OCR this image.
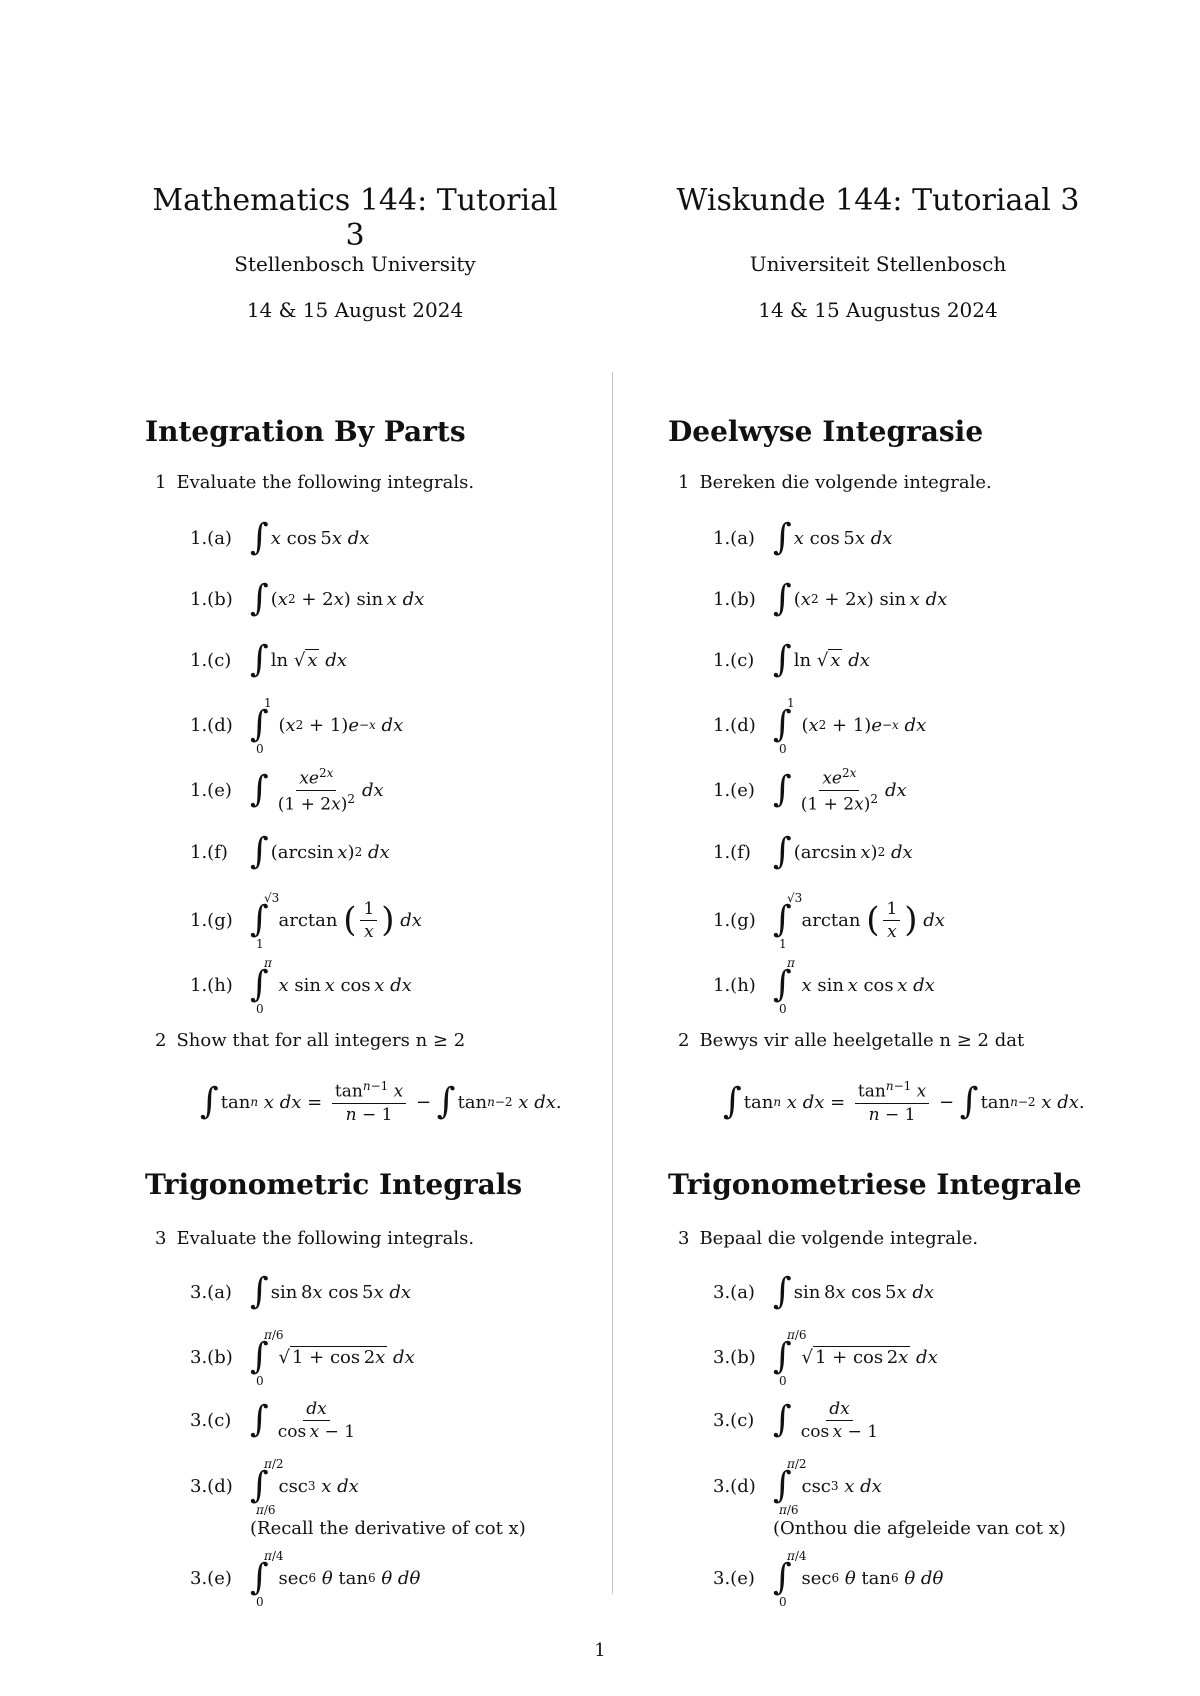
Mathematics 144: Tutorial 3
Stellenbosch University
14 & 15 August 2024
Integration By Parts
1 Evaluate the following integrals.
1.(a) ∫ x cos 5 x
dx
1.(b) ∫ ( x 2 + 2 x ) sin  x
dx
1.(c) ∫ ln √ x
dx
1.(d) ∫
1
0
( x 2 + 1) e −x
dx
1.(e) ∫ $\frac{xe^{2x}}{(1 + 2x)^2}$ dx
1.(f) ∫ (arcsin  x ) 2
dx
1.(g) ∫
√3
1
arctan ( $\frac{1}{x}$ )
dx
1.(h) ∫
π
0

x sin  x cos  x
dx
2 Show that for all integers n ≥ 2
∫ tan n
x
dx = $\frac{\tan^{n-1} x}{n - 1}$ − ∫ tan n−2
x
dx .
Trigonometric Integrals
3 Evaluate the following integrals.
3.(a) ∫ sin 8 x cos 5 x
dx
3.(b) ∫
π/6
0
√ 1 + cos 2x
dx
3.(c) ∫ $\frac{dx}{\text{cos x − 1}}$
3.(d) ∫
π/2
π/6
csc 3
x
dx
(Recall the derivative of cot x)
3.(e) ∫
π/4
0
sec 6
θ tan 6
θ
dθ
Wiskunde 144: Tutoriaal 3
Universiteit Stellenbosch
14 & 15 Augustus 2024
Deelwyse Integrasie
1 Bereken die volgende integrale.
1.(a) ∫ x cos 5 x
dx
1.(b) ∫ ( x 2 + 2 x ) sin  x
dx
1.(c) ∫ ln √ x
dx
1.(d) ∫
1
0
( x 2 + 1) e −x
dx
1.(e) ∫ $\frac{xe^{2x}}{(1 + 2x)^2}$ dx
1.(f) ∫ (arcsin  x ) 2
dx
1.(g) ∫
√3
1
arctan ( $\frac{1}{x}$ )
dx
1.(h) ∫
π
0

x sin  x cos  x
dx
2 Bewys vir alle heelgetalle n ≥ 2 dat
∫ tan n
x
dx = $\frac{\tan^{n-1} x}{n - 1}$ − ∫ tan n−2
x
dx .
Trigonometriese Integrale
3 Bepaal die volgende integrale.
3.(a) ∫ sin 8 x cos 5 x
dx
3.(b) ∫
π/6
0
√ 1 + cos 2x
dx
3.(c) ∫ $\frac{dx}{\text{cos x − 1}}$
3.(d) ∫
π/2
π/6
csc 3
x
dx
(Onthou die afgeleide van cot x)
3.(e) ∫
π/4
0
sec 6
θ tan 6
θ
dθ
1
